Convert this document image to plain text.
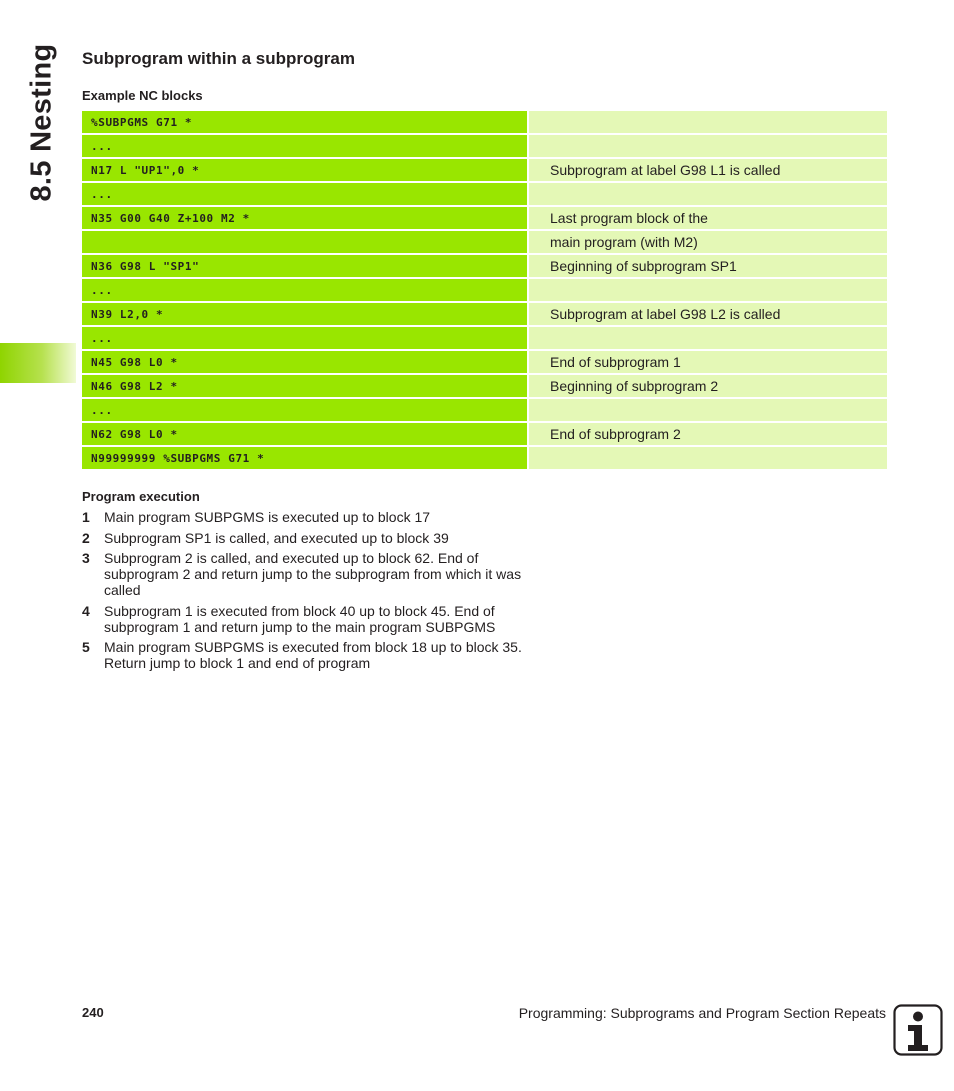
8.5 Nesting Subprogram within a subprogram
Example NC blocks
%SUBPGMS G71 *
...
N17 L "UP1",0 *	Subprogram at label G98 L1 is called
...
N35 G00 G40 Z+100 M2 *	Last program block of the
main program (with M2)
N36 G98 L "SP1"	Beginning of subprogram SP1
...
N39 L2,0 *	Subprogram at label G98 L2 is called
...
N45 G98 L0 *	End of subprogram 1
N46 G98 L2 *	Beginning of subprogram 2
...
N62 G98 L0 *	End of subprogram 2
N99999999 %SUBPGMS G71 *
Program execution
1	Main program SUBPGMS is executed up to block 17
2	Subprogram SP1 is called, and executed up to block 39
3	Subprogram 2 is called, and executed up to block 62. End of subprogram 2 and return jump to the subprogram from which it was called
4	Subprogram 1 is executed from block 40 up to block 45. End of subprogram 1 and return jump to the main program SUBPGMS
5	Main program SUBPGMS is executed from block 18 up to block 35. Return jump to block 1 and end of program
240	Programming: Subprograms and Program Section Repeats
